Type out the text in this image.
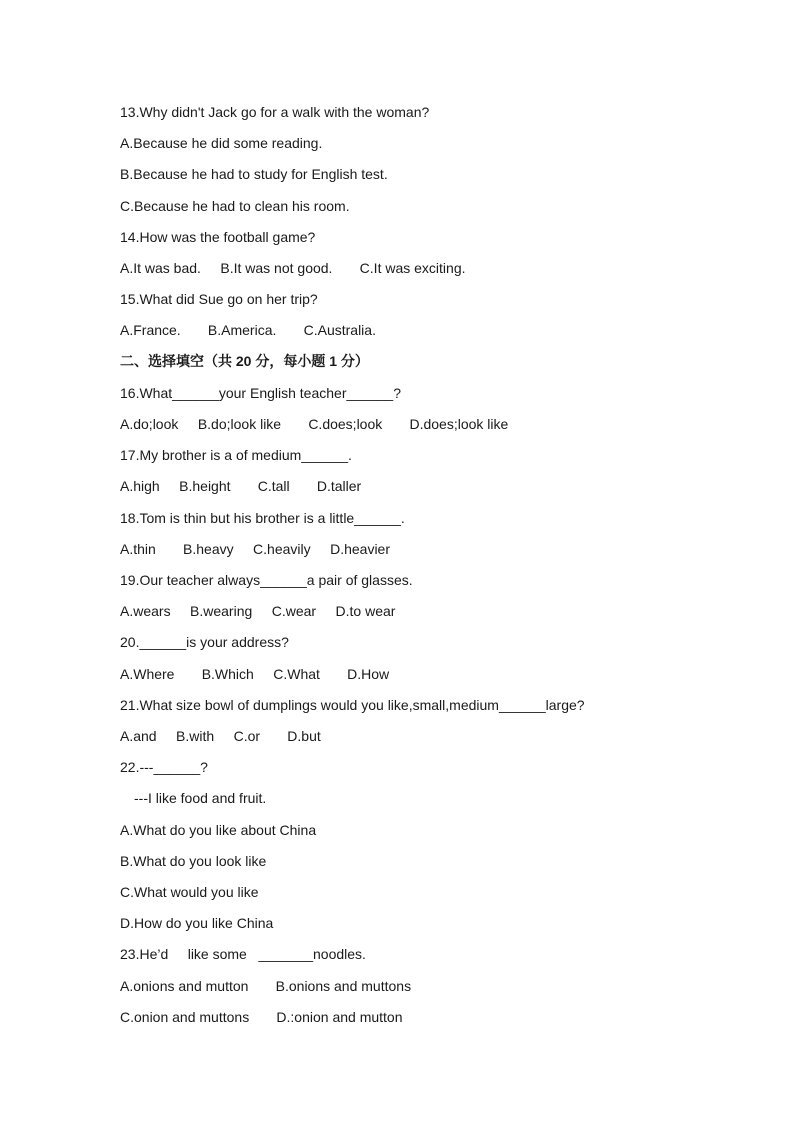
13.Why didn't Jack go for a walk with the woman?
A.Because he did some reading.
B.Because he had to study for English test.
C.Because he had to clean his room.
14.How was the football game?
A.It was bad.     B.It was not good.       C.It was exciting.
15.What did Sue go on her trip?
A.France.       B.America.       C.Australia.
二、选择填空（共 20 分，每小题 1 分）
16.What______your English teacher______?
A.do;look     B.do;look like       C.does;look       D.does;look like
17.My brother is a of medium______.
A.high     B.height       C.tall       D.taller
18.Tom is thin but his brother is a little______.
A.thin       B.heavy     C.heavily     D.heavier
19.Our teacher always______a pair of glasses.
A.wears     B.wearing     C.wear     D.to wear
20.______is your address?
A.Where       B.Which     C.What       D.How
21.What size bowl of dumplings would you like,small,medium______large?
A.and     B.with     C.or       D.but
22.---______?
---I like food and fruit.
A.What do you like about China
B.What do you look like
C.What would you like
D.How do you like China
23.He’d     like some   _______noodles.
A.onions and mutton       B.onions and muttons
C.onion and muttons       D.:onion and mutton
